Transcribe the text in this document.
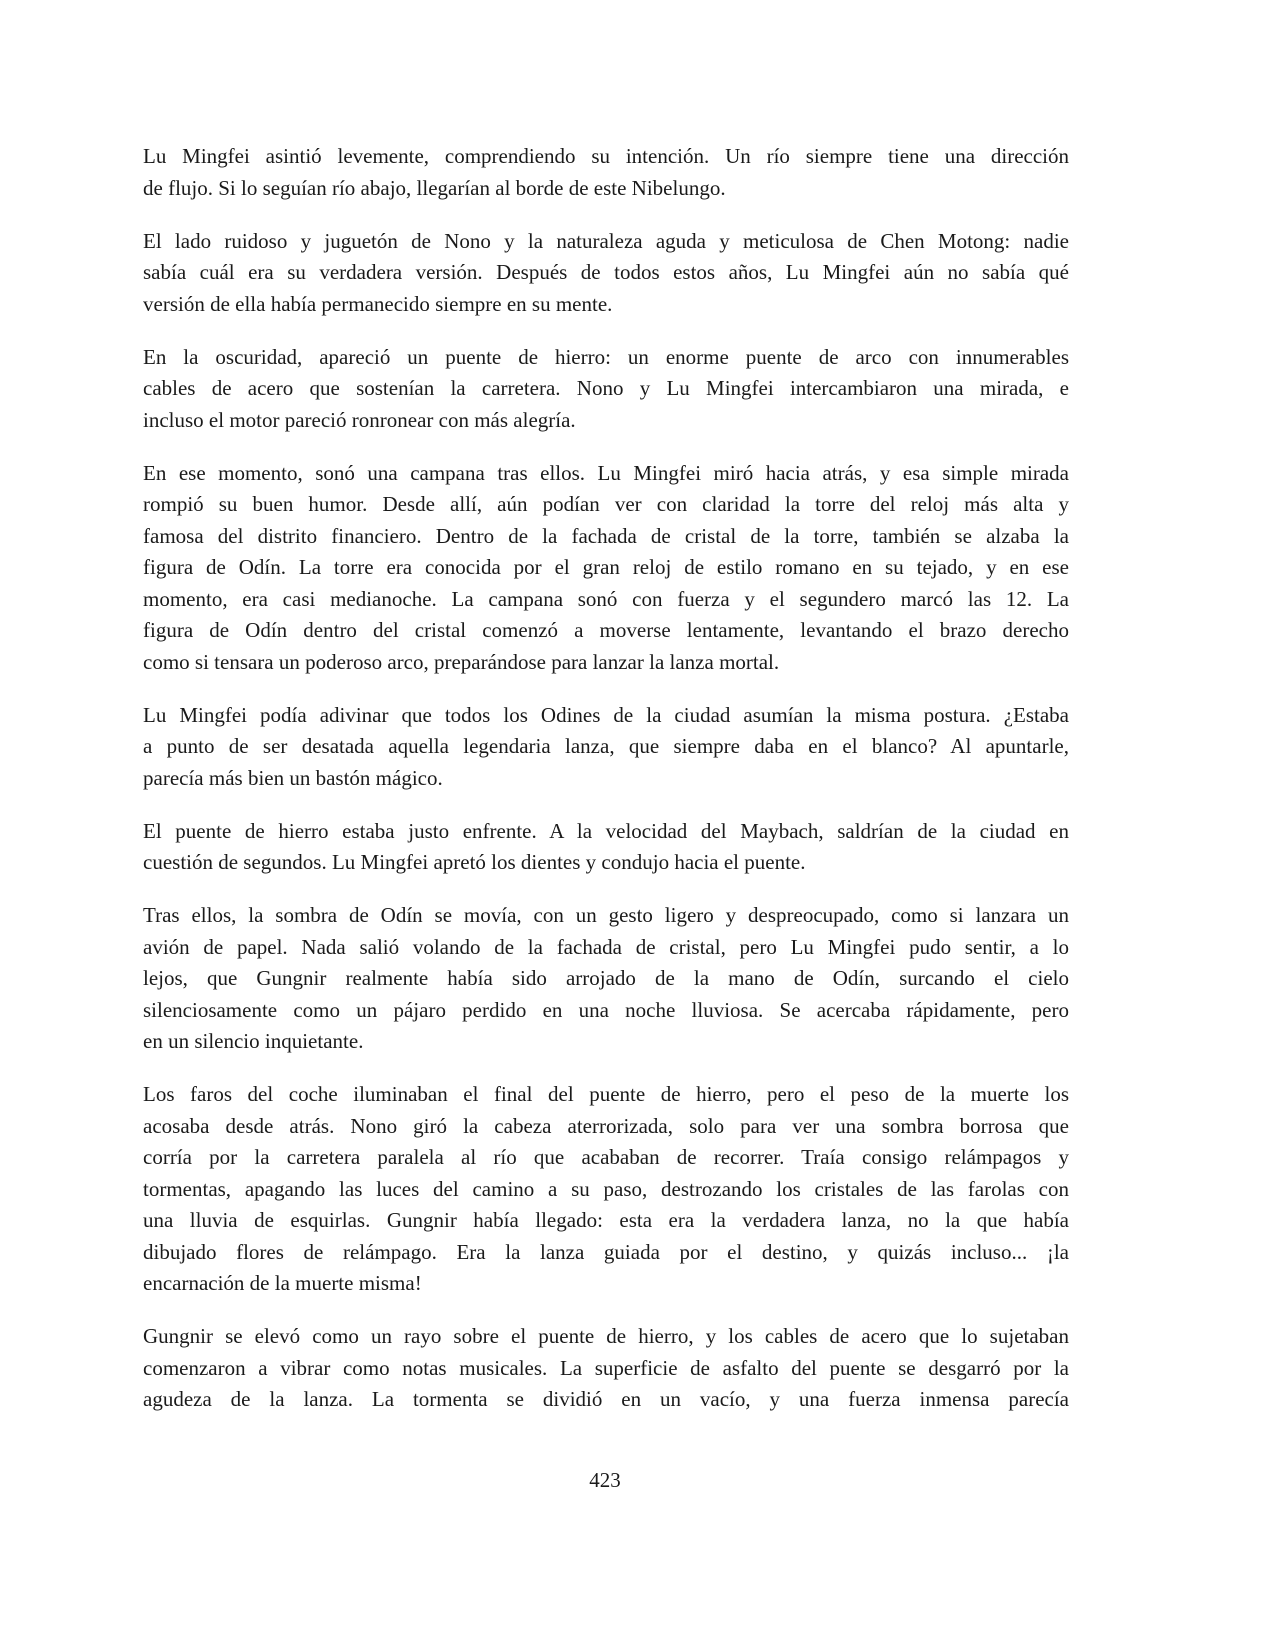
Lu Mingfei asintió levemente, comprendiendo su intención. Un río siempre tiene una dirección
de flujo. Si lo seguían río abajo, llegarían al borde de este Nibelungo.
El lado ruidoso y juguetón de Nono y la naturaleza aguda y meticulosa de Chen Motong: nadie
sabía cuál era su verdadera versión. Después de todos estos años, Lu Mingfei aún no sabía qué
versión de ella había permanecido siempre en su mente.
En la oscuridad, apareció un puente de hierro: un enorme puente de arco con innumerables
cables de acero que sostenían la carretera. Nono y Lu Mingfei intercambiaron una mirada, e
incluso el motor pareció ronronear con más alegría.
En ese momento, sonó una campana tras ellos. Lu Mingfei miró hacia atrás, y esa simple mirada
rompió su buen humor. Desde allí, aún podían ver con claridad la torre del reloj más alta y
famosa del distrito financiero. Dentro de la fachada de cristal de la torre, también se alzaba la
figura de Odín. La torre era conocida por el gran reloj de estilo romano en su tejado, y en ese
momento, era casi medianoche. La campana sonó con fuerza y el segundero marcó las 12. La
figura de Odín dentro del cristal comenzó a moverse lentamente, levantando el brazo derecho
como si tensara un poderoso arco, preparándose para lanzar la lanza mortal.
Lu Mingfei podía adivinar que todos los Odines de la ciudad asumían la misma postura. ¿Estaba
a punto de ser desatada aquella legendaria lanza, que siempre daba en el blanco? Al apuntarle,
parecía más bien un bastón mágico.
El puente de hierro estaba justo enfrente. A la velocidad del Maybach, saldrían de la ciudad en
cuestión de segundos. Lu Mingfei apretó los dientes y condujo hacia el puente.
Tras ellos, la sombra de Odín se movía, con un gesto ligero y despreocupado, como si lanzara un
avión de papel. Nada salió volando de la fachada de cristal, pero Lu Mingfei pudo sentir, a lo
lejos, que Gungnir realmente había sido arrojado de la mano de Odín, surcando el cielo
silenciosamente como un pájaro perdido en una noche lluviosa. Se acercaba rápidamente, pero
en un silencio inquietante.
Los faros del coche iluminaban el final del puente de hierro, pero el peso de la muerte los
acosaba desde atrás. Nono giró la cabeza aterrorizada, solo para ver una sombra borrosa que
corría por la carretera paralela al río que acababan de recorrer. Traía consigo relámpagos y
tormentas, apagando las luces del camino a su paso, destrozando los cristales de las farolas con
una lluvia de esquirlas. Gungnir había llegado: esta era la verdadera lanza, no la que había
dibujado flores de relámpago. Era la lanza guiada por el destino, y quizás incluso... ¡la
encarnación de la muerte misma!
Gungnir se elevó como un rayo sobre el puente de hierro, y los cables de acero que lo sujetaban
comenzaron a vibrar como notas musicales. La superficie de asfalto del puente se desgarró por la
agudeza de la lanza. La tormenta se dividió en un vacío, y una fuerza inmensa parecía
423
